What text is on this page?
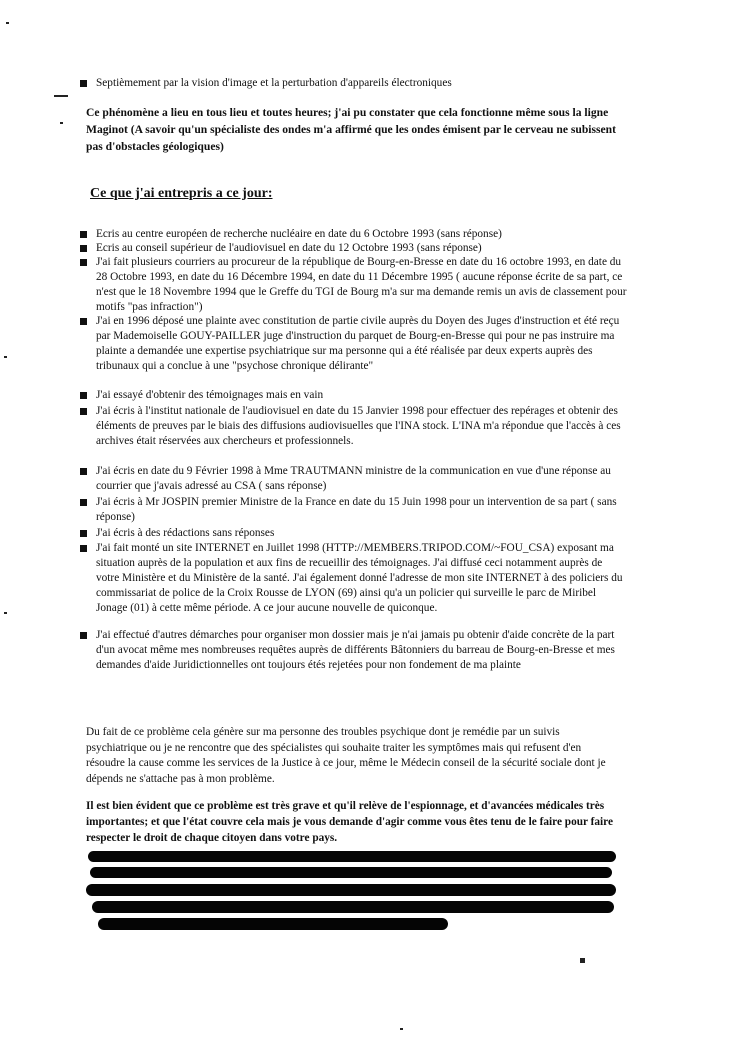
Septièmement par la vision d'image et la perturbation d'appareils électroniques
Ce phénomène a lieu en tous lieu et toutes heures; j'ai pu constater que cela fonctionne même sous la ligne Maginot (A savoir qu'un spécialiste des ondes m'a affirmé que les ondes émisent par le cerveau ne subissent pas d'obstacles géologiques)
Ce que j'ai entrepris a ce jour:
Ecris au centre européen de recherche nucléaire en date du 6 Octobre 1993 (sans réponse)
Ecris au conseil supérieur de l'audiovisuel en date du 12 Octobre 1993 (sans réponse)
J'ai fait plusieurs courriers au procureur de la république de Bourg-en-Bresse en date du 16 octobre 1993, en date du 28 Octobre 1993, en date du 16 Décembre 1994, en date du 11 Décembre 1995 ( aucune réponse écrite de sa part, ce n'est que le 18 Novembre 1994 que le Greffe du TGI de Bourg m'a sur ma demande remis un avis de classement pour motifs "pas infraction")
J'ai en 1996 déposé une plainte avec constitution de partie civile auprès du Doyen des Juges d'instruction et été reçu par Mademoiselle GOUY-PAILLER juge d'instruction du parquet de Bourg-en-Bresse qui pour ne pas instruire ma plainte a demandée une expertise psychiatrique sur ma personne qui a été réalisée par deux experts auprès des tribunaux qui a conclue à une "psychose chronique délirante"
J'ai essayé d'obtenir des témoignages mais en vain
J'ai écris à l'institut nationale de l'audiovisuel en date du 15 Janvier 1998 pour effectuer des repérages et obtenir des éléments de preuves par le biais des diffusions audiovisuelles que l'INA stock. L'INA m'a répondue que l'accès à ces archives était réservées aux chercheurs et professionnels.
J'ai écris en date du 9 Février 1998 à Mme TRAUTMANN ministre de la communication en vue d'une réponse au courrier que j'avais adressé au CSA ( sans réponse)
J'ai écris à Mr JOSPIN premier Ministre de la France en date du 15 Juin 1998 pour un intervention de sa part ( sans réponse)
J'ai écris à des rédactions sans réponses
J'ai fait monté un site INTERNET en Juillet 1998 (HTTP://MEMBERS.TRIPOD.COM/~FOU_CSA) exposant ma situation auprès de la population et aux fins de recueillir des témoignages. J'ai diffusé ceci notamment auprès de votre Ministère et du Ministère de la santé. J'ai également donné l'adresse de mon site INTERNET à des policiers du commissariat de police de la Croix Rousse de LYON (69) ainsi qu'a un policier qui surveille le parc de Miribel Jonage (01) à cette même période. A ce jour aucune nouvelle de quiconque.
J'ai effectué d'autres démarches pour organiser mon dossier mais je n'ai jamais pu obtenir d'aide concrète de la part d'un avocat même mes nombreuses requêtes auprès de différents Bâtonniers du barreau de Bourg-en-Bresse et mes demandes d'aide Juridictionnelles ont toujours étés rejetées pour non fondement de ma plainte
Du fait de ce problème cela génère sur ma personne des troubles psychique dont je remédie par un suivis psychiatrique ou je ne rencontre que des spécialistes qui souhaite traiter les symptômes mais qui refusent d'en résoudre la cause comme les services de la Justice à ce jour, même le Médecin conseil de la sécurité sociale dont je dépends ne s'attache pas à mon problème.
Il est bien évident que ce problème est très grave et qu'il relève de l'espionnage, et d'avancées médicales très importantes; et que l'état couvre cela mais je vous demande d'agir comme vous êtes tenu de le faire pour faire respecter le droit de chaque citoyen dans votre pays.
